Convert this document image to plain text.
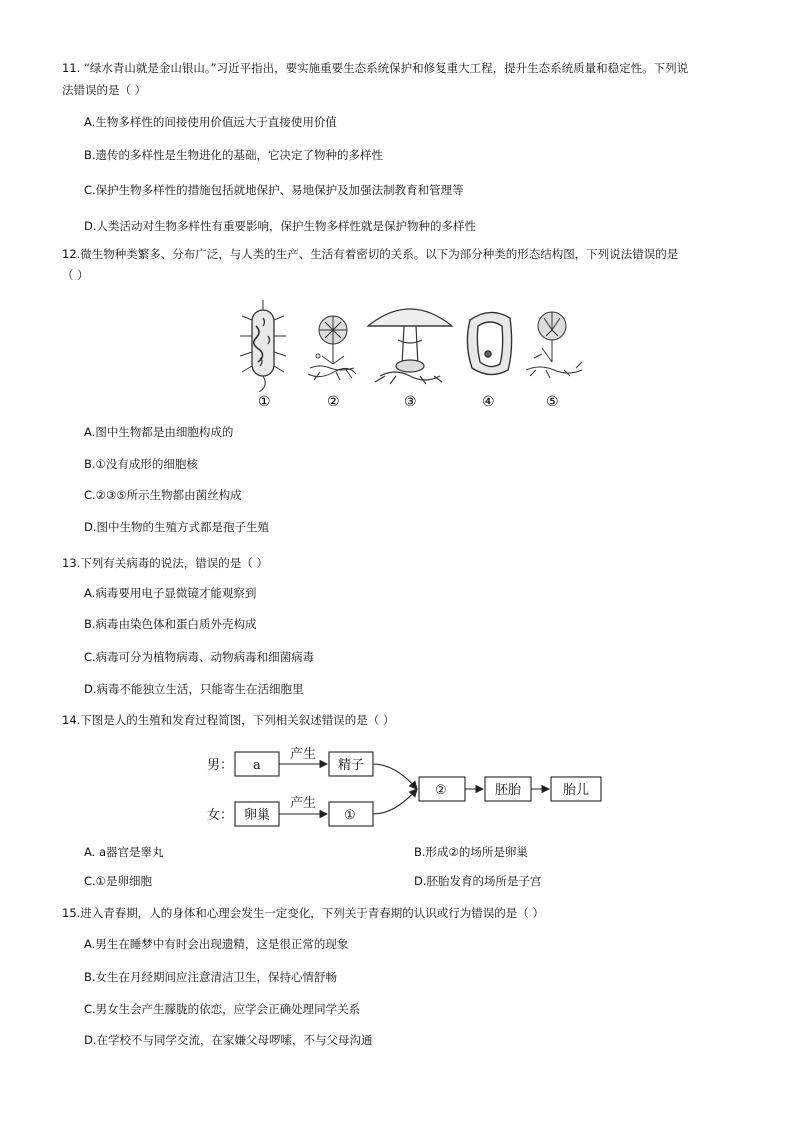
11. “绿水青山就是金山银山。”习近平指出，要实施重要生态系统保护和修复重大工程，提升生态系统质量和稳定性。下列说
法错误的是（ ）
A.生物多样性的间接使用价值远大于直接使用价值
B.遗传的多样性是生物进化的基础，它决定了物种的多样性
C.保护生物多样性的措施包括就地保护、易地保护及加强法制教育和管理等
D.人类活动对生物多样性有重要影响，保护生物多样性就是保护物种的多样性
12.微生物种类繁多、分布广泛，与人类的生产、生活有着密切的关系。以下为部分种类的形态结构图，下列说法错误的是
（ ）
①	②	③	④	⑤
A.图中生物都是由细胞构成的
B.①没有成形的细胞核
C.②③⑤所示生物都由菌丝构成
D.图中生物的生殖方式都是孢子生殖
13.下列有关病毒的说法，错误的是（ ）
A.病毒要用电子显微镜才能观察到
B.病毒由染色体和蛋白质外壳构成
C.病毒可分为植物病毒、动物病毒和细菌病毒
D.病毒不能独立生活，只能寄生在活细胞里
14.下图是人的生殖和发育过程简图，下列相关叙述错误的是（ ）
男：
女：
a
卵巢
产生
产生
精子
①
②	胚胎	胎儿
A. a器官是睾丸	B.形成②的场所是卵巢
C.①是卵细胞	D.胚胎发育的场所是子宫
15.进入青春期，人的身体和心理会发生一定变化，下列关于青春期的认识或行为错误的是（ ）
A.男生在睡梦中有时会出现遗精，这是很正常的现象
B.女生在月经期间应注意清洁卫生，保持心情舒畅
C.男女生会产生朦胧的依恋，应学会正确处理同学关系
D.在学校不与同学交流，在家嫌父母啰嗦，不与父母沟通
